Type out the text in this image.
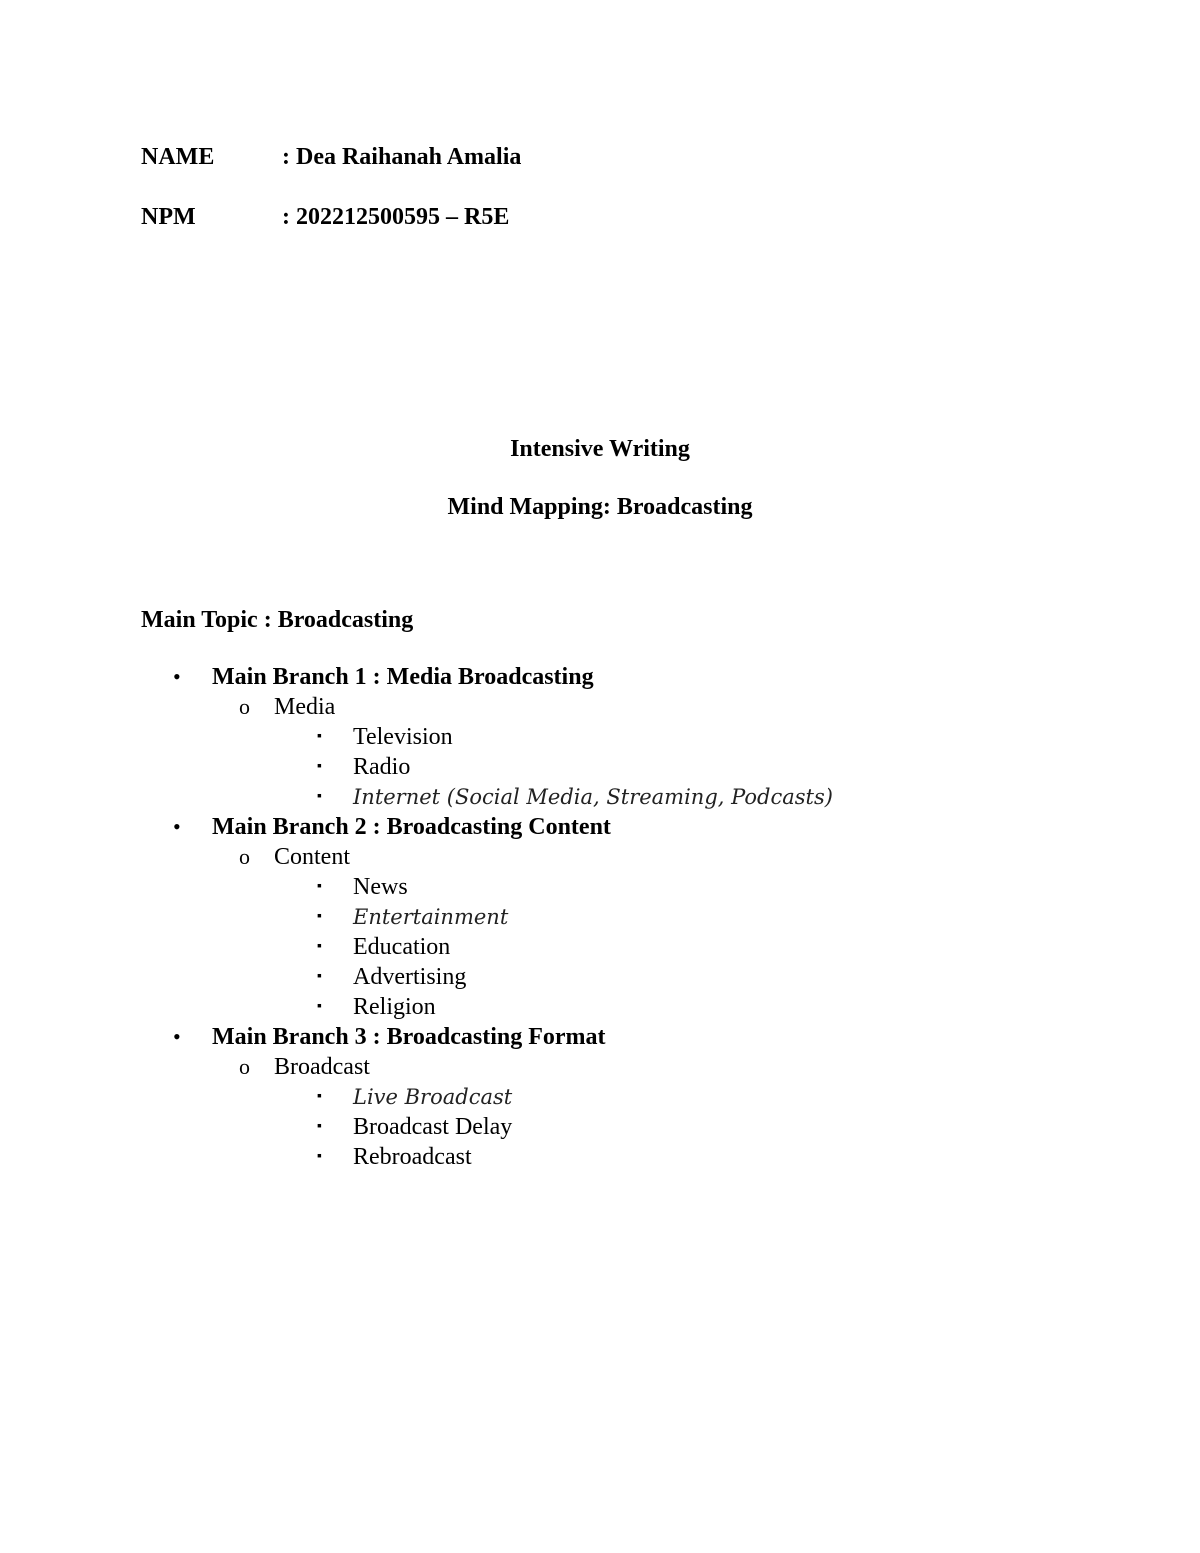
NAME	: Dea Raihanah Amalia
NPM	: 202212500595 – R5E
Intensive Writing
Mind Mapping: Broadcasting
Main Topic : Broadcasting
• Main Branch 1 : Media Broadcasting
o Media
▪ Television
▪ Radio
▪ Internet (Social Media, Streaming, Podcasts)
• Main Branch 2 : Broadcasting Content
o Content
▪ News
▪ Entertainment
▪ Education
▪ Advertising
▪ Religion
• Main Branch 3 : Broadcasting Format
o Broadcast
▪ Live Broadcast
▪ Broadcast Delay
▪ Rebroadcast
